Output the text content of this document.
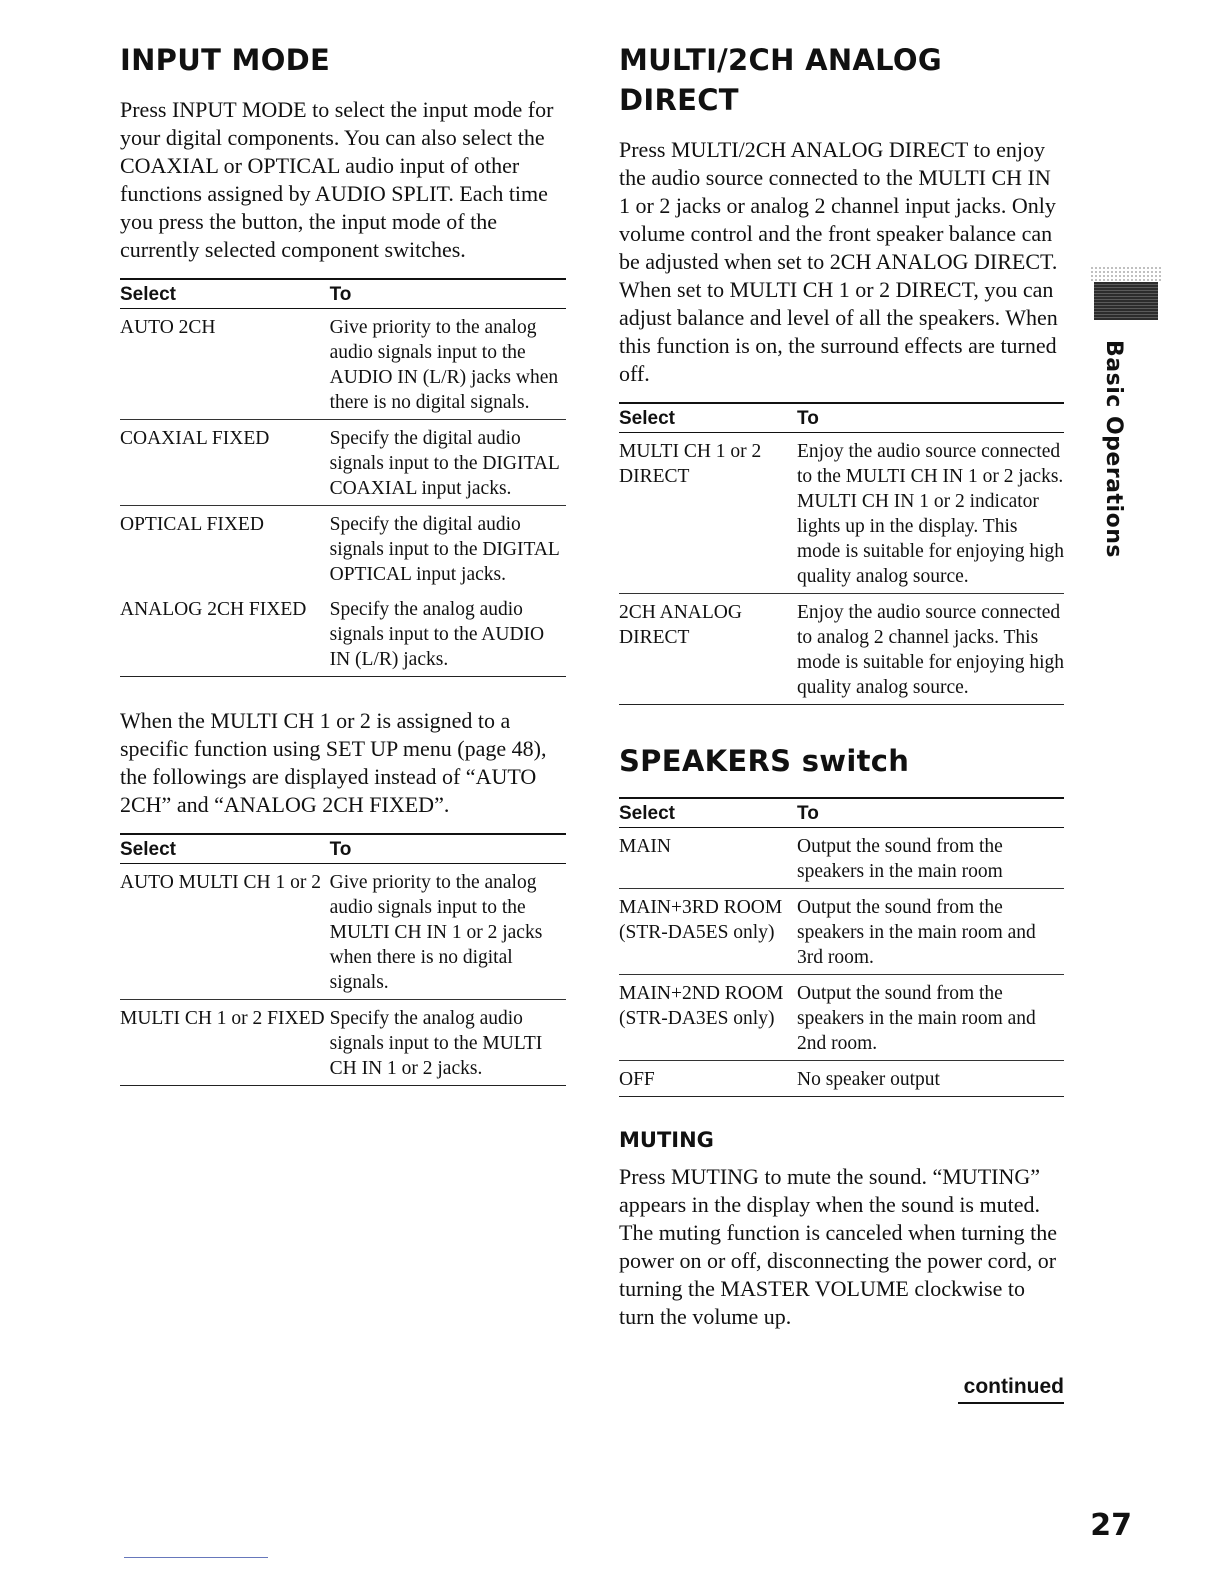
INPUT MODE

Press INPUT MODE to select the input mode for your digital components. You can also select the COAXIAL or OPTICAL audio input of other functions assigned by AUDIO SPLIT. Each time you press the button, the input mode of the currently selected component switches.

Select	To
AUTO 2CH	Give priority to the analog audio signals input to the AUDIO IN (L/R) jacks when there is no digital signals.
COAXIAL FIXED	Specify the digital audio signals input to the DIGITAL COAXIAL input jacks.
OPTICAL FIXED	Specify the digital audio signals input to the DIGITAL OPTICAL input jacks.
ANALOG 2CH FIXED	Specify the analog audio signals input to the AUDIO IN (L/R) jacks.

When the MULTI CH 1 or 2 is assigned to a specific function using SET UP menu (page 48), the followings are displayed instead of “AUTO 2CH” and “ANALOG 2CH FIXED”.

Select	To
AUTO MULTI CH 1 or 2	Give priority to the analog audio signals input to the MULTI CH IN 1 or 2 jacks when there is no digital signals.
MULTI CH 1 or 2 FIXED	Specify the analog audio signals input to the MULTI CH IN 1 or 2 jacks.
MULTI/2CH ANALOG DIRECT

Press MULTI/2CH ANALOG DIRECT to enjoy the audio source connected to the MULTI CH IN 1 or 2 jacks or analog 2 channel input jacks. Only volume control and the front speaker balance can be adjusted when set to 2CH ANALOG DIRECT. When set to MULTI CH 1 or 2 DIRECT, you can adjust balance and level of all the speakers. When this function is on, the surround effects are turned off.

Select	To
MULTI CH 1 or 2 DIRECT	Enjoy the audio source connected to the MULTI CH IN 1 or 2 jacks. MULTI CH IN 1 or 2 indicator lights up in the display. This mode is suitable for enjoying high quality analog source.
2CH ANALOG DIRECT	Enjoy the audio source connected to analog 2 channel jacks. This mode is suitable for enjoying high quality analog source.
SPEAKERS switch
Select	To
MAIN	Output the sound from the speakers in the main room
MAIN+3RD ROOM (STR-DA5ES only)	Output the sound from the speakers in the main room and 3rd room.
MAIN+2ND ROOM (STR-DA3ES only)	Output the sound from the speakers in the main room and 2nd room.
OFF	No speaker output
MUTING

Press MUTING to mute the sound. “MUTING” appears in the display when the sound is muted. The muting function is canceled when turning the power on or off, disconnecting the power cord, or turning the MASTER VOLUME clockwise to turn the volume up.

continued
Basic Operations
27
